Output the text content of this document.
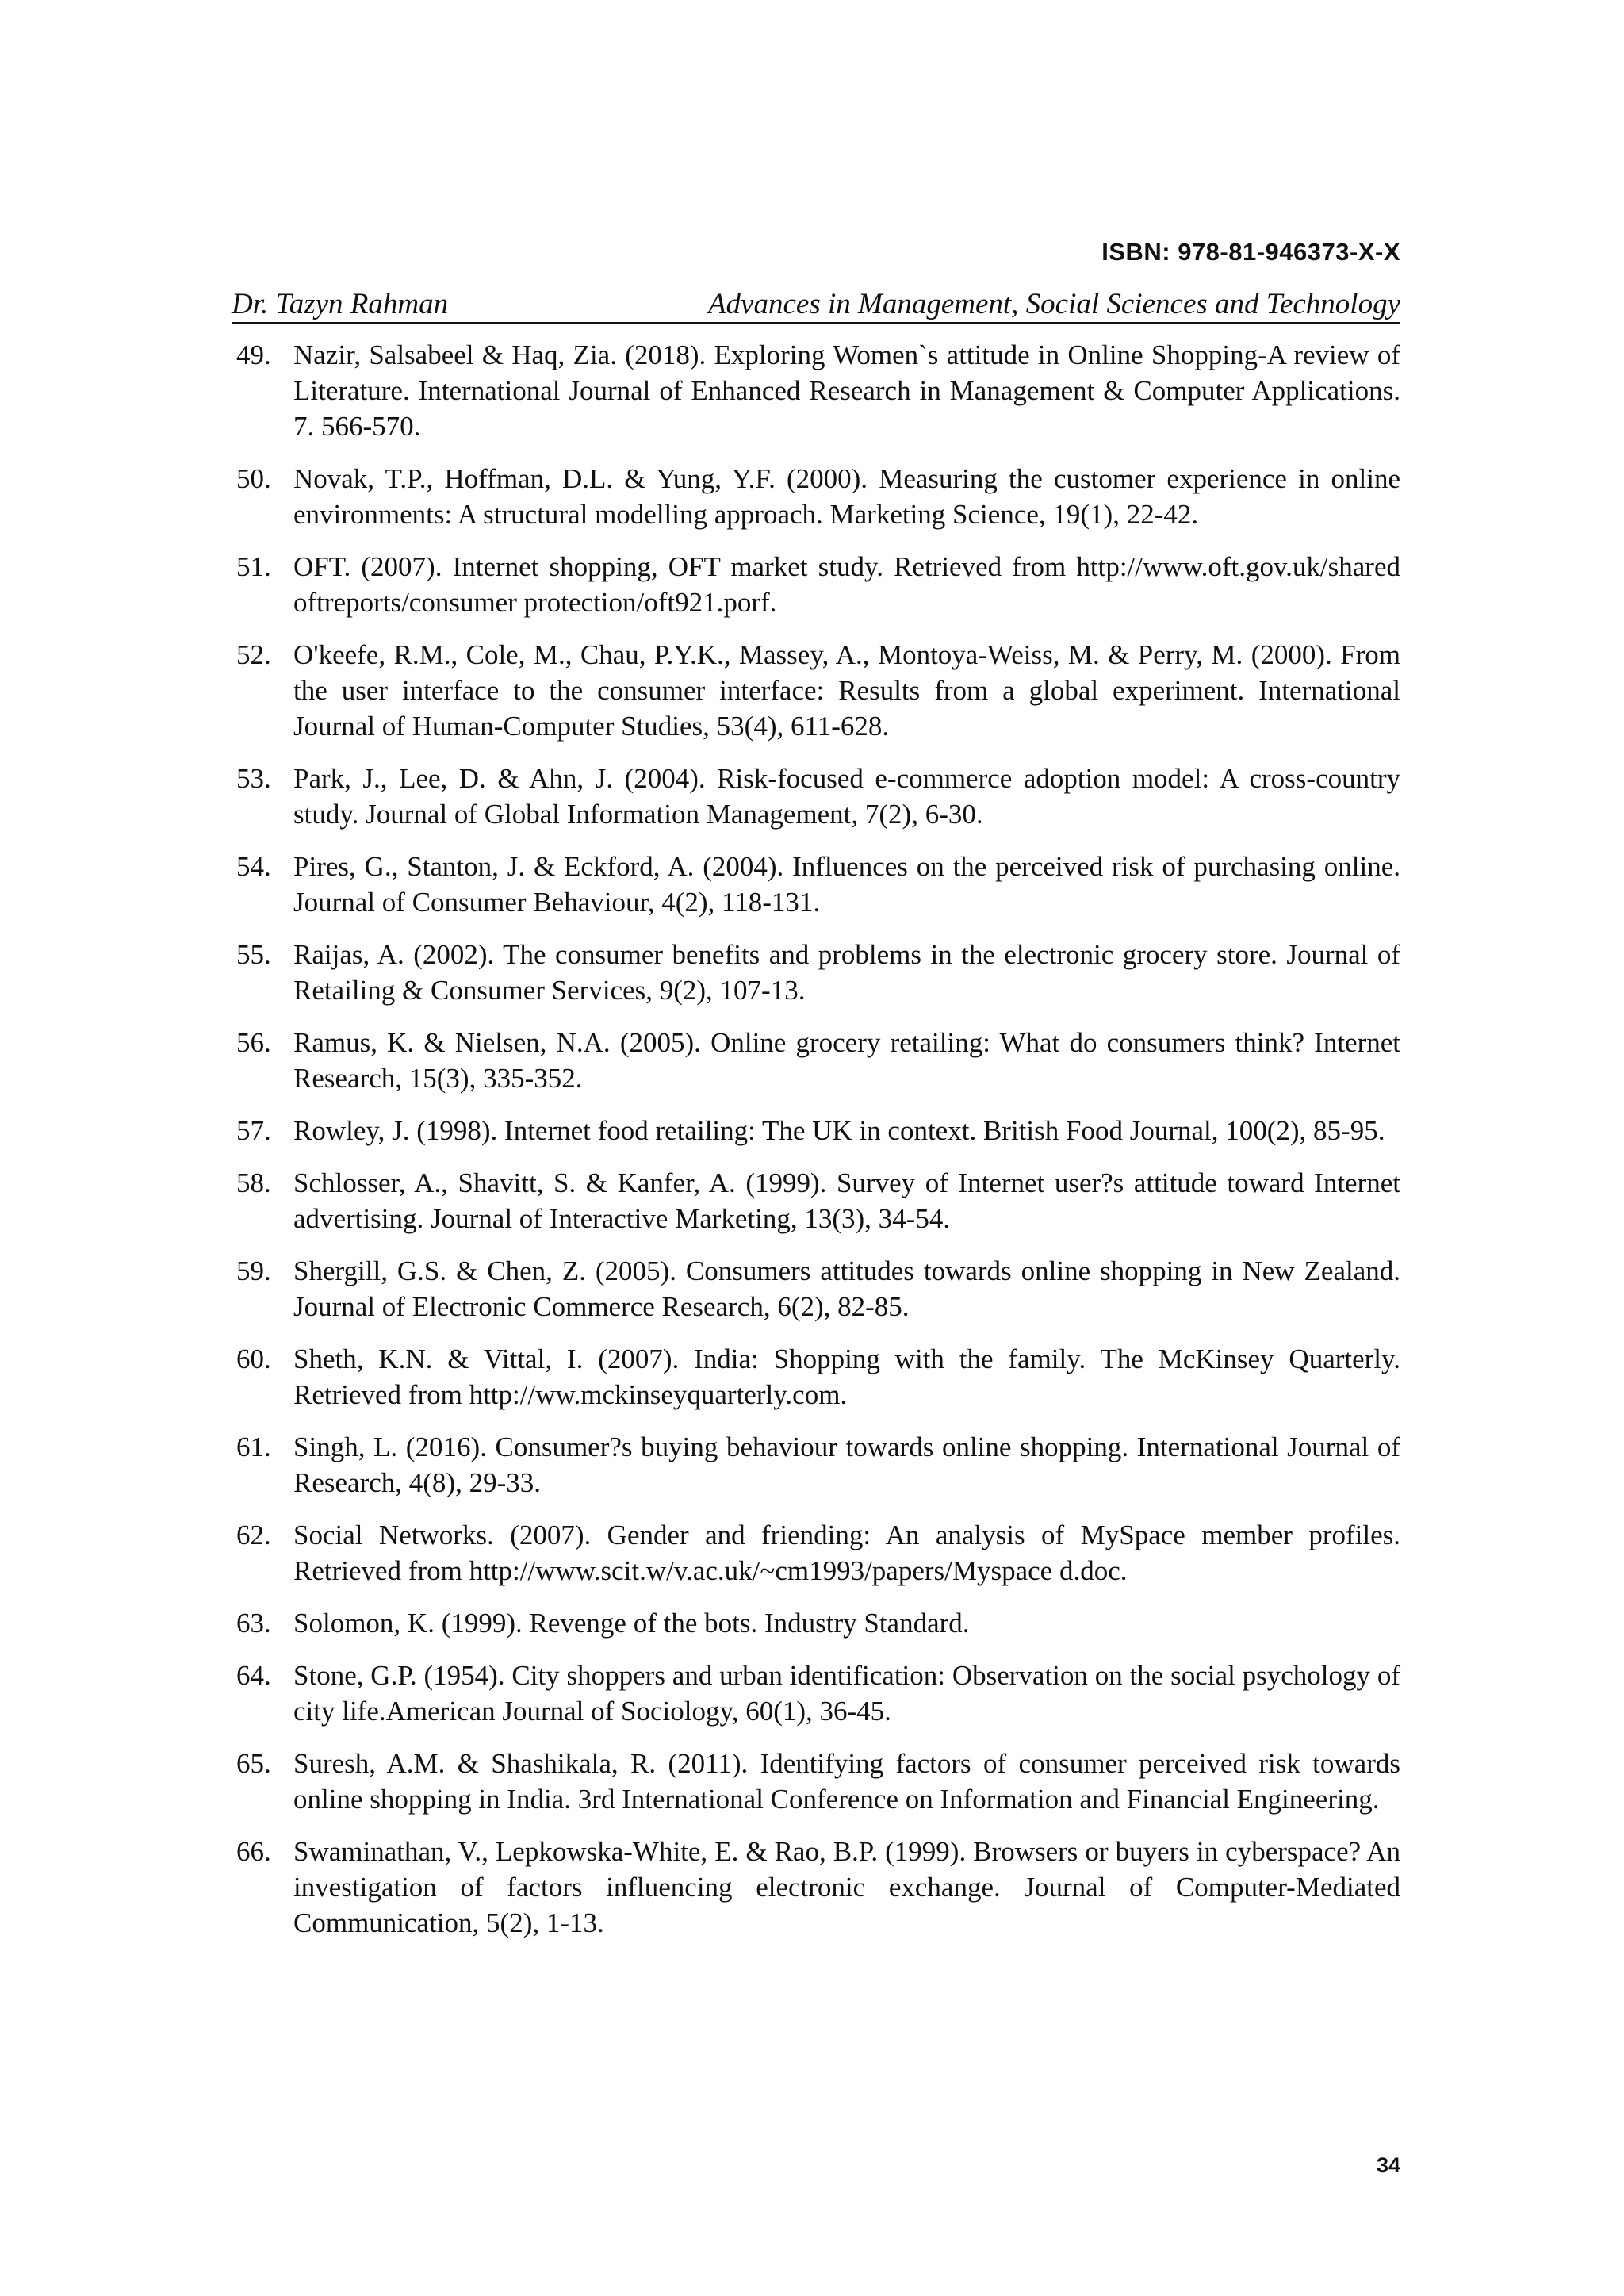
ISBN: 978-81-946373-X-X
Dr. Tazyn Rahman	Advances in Management, Social Sciences and Technology
49. Nazir, Salsabeel & Haq, Zia. (2018). Exploring Women`s attitude in Online Shopping-A review of Literature. International Journal of Enhanced Research in Management & Computer Applications. 7. 566-570.
50. Novak, T.P., Hoffman, D.L. & Yung, Y.F. (2000). Measuring the customer experience in online environments: A structural modelling approach. Marketing Science, 19(1), 22-42.
51. OFT. (2007). Internet shopping, OFT market study. Retrieved from http://www.oft.gov.uk/shared oftreports/consumer protection/oft921.porf.
52. O'keefe, R.M., Cole, M., Chau, P.Y.K., Massey, A., Montoya-Weiss, M. & Perry, M. (2000). From the user interface to the consumer interface: Results from a global experiment. International Journal of Human-Computer Studies, 53(4), 611-628.
53. Park, J., Lee, D. & Ahn, J. (2004). Risk-focused e-commerce adoption model: A cross-country study. Journal of Global Information Management, 7(2), 6-30.
54. Pires, G., Stanton, J. & Eckford, A. (2004). Influences on the perceived risk of purchasing online. Journal of Consumer Behaviour, 4(2), 118-131.
55. Raijas, A. (2002). The consumer benefits and problems in the electronic grocery store. Journal of Retailing & Consumer Services, 9(2), 107-13.
56. Ramus, K. & Nielsen, N.A. (2005). Online grocery retailing: What do consumers think? Internet Research, 15(3), 335-352.
57. Rowley, J. (1998). Internet food retailing: The UK in context. British Food Journal, 100(2), 85-95.
58. Schlosser, A., Shavitt, S. & Kanfer, A. (1999). Survey of Internet user?s attitude toward Internet advertising. Journal of Interactive Marketing, 13(3), 34-54.
59. Shergill, G.S. & Chen, Z. (2005). Consumers attitudes towards online shopping in New Zealand. Journal of Electronic Commerce Research, 6(2), 82-85.
60. Sheth, K.N. & Vittal, I. (2007). India: Shopping with the family. The McKinsey Quarterly. Retrieved from http://ww.mckinseyquarterly.com.
61. Singh, L. (2016). Consumer?s buying behaviour towards online shopping. International Journal of Research, 4(8), 29-33.
62. Social Networks. (2007). Gender and friending: An analysis of MySpace member profiles. Retrieved from http://www.scit.w/v.ac.uk/~cm1993/papers/Myspace d.doc.
63. Solomon, K. (1999). Revenge of the bots. Industry Standard.
64. Stone, G.P. (1954). City shoppers and urban identification: Observation on the social psychology of city life.American Journal of Sociology, 60(1), 36-45.
65. Suresh, A.M. & Shashikala, R. (2011). Identifying factors of consumer perceived risk towards online shopping in India. 3rd International Conference on Information and Financial Engineering.
66. Swaminathan, V., Lepkowska-White, E. & Rao, B.P. (1999). Browsers or buyers in cyberspace? An investigation of factors influencing electronic exchange. Journal of Computer-Mediated Communication, 5(2), 1-13.
34
